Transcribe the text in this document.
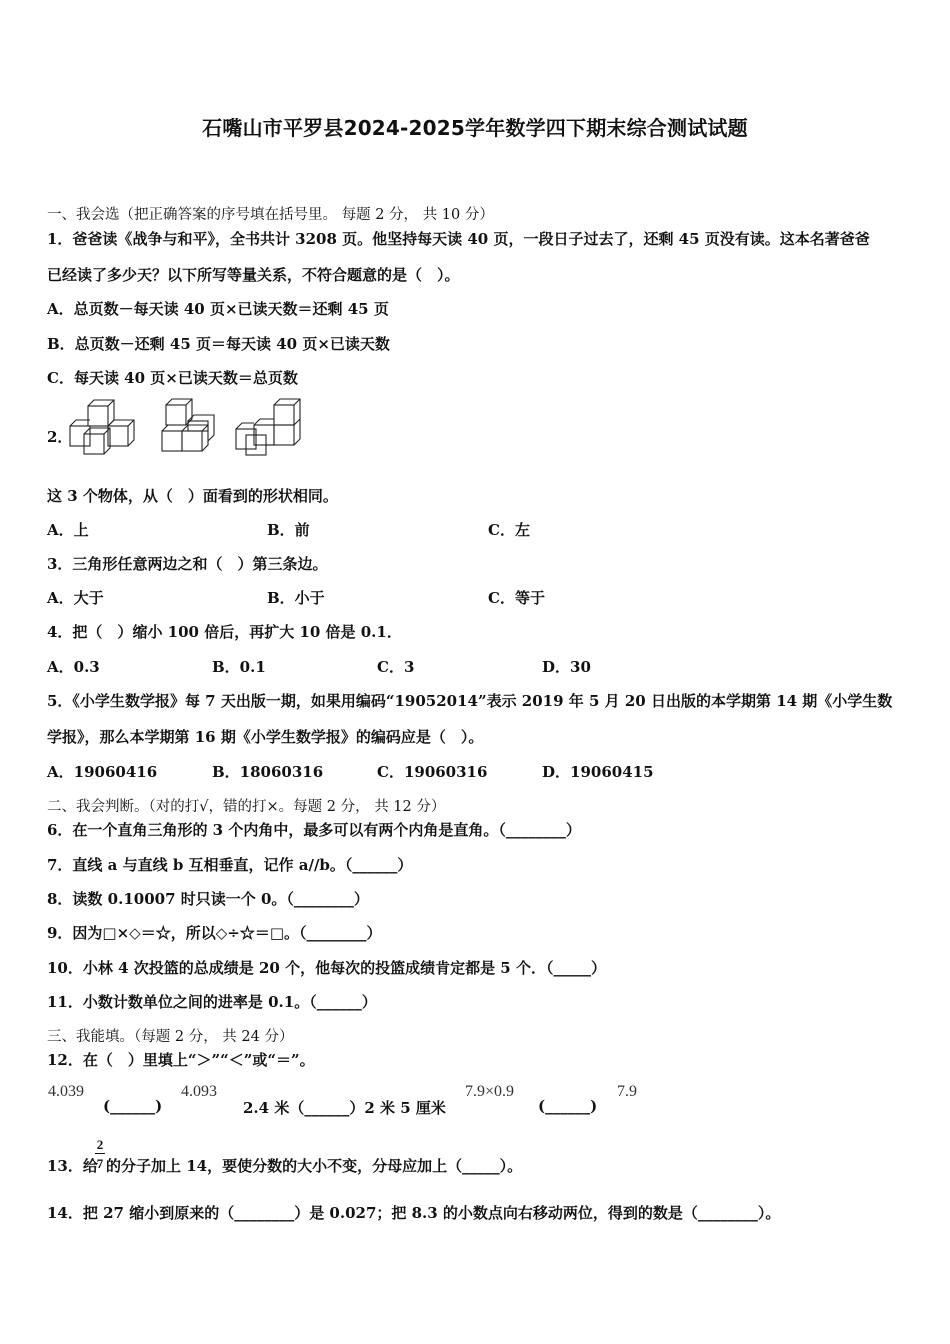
石嘴山市平罗县2024-2025学年数学四下期末综合测试试题
一、我会选（把正确答案的序号填在括号里。 每题 2 分， 共 10 分）
1．爸爸读《战争与和平》，全书共计 3208 页。他坚持每天读 40 页，一段日子过去了，还剩 45 页没有读。这本名著爸爸
已经读了多少天？以下所写等量关系，不符合题意的是（　）。
A．总页数－每天读 40 页×已读天数＝还剩 45 页
B．总页数－还剩 45 页＝每天读 40 页×已读天数
C．每天读 40 页×已读天数＝总页数
2．
这 3 个物体，从（　）面看到的形状相同。
A．上	B．前	C．左
3．三角形任意两边之和（　）第三条边。
A．大于	B．小于	C．等于
4．把（　）缩小 100 倍后，再扩大 10 倍是 0.1．
A．0.3	B．0.1	C．3	D．30
5．《小学生数学报》每 7 天出版一期，如果用编码“19052014”表示 2019 年 5 月 20 日出版的本学期第 14 期《小学生数
学报》，那么本学期第 16 期《小学生数学报》的编码应是（　）。
A．19060416	B．18060316	C．19060316	D．19060415
二、我会判断。（对的打√，错的打×。每题 2 分， 共 12 分）
6．在一个直角三角形的 3 个内角中，最多可以有两个内角是直角。（________）
7．直线 a 与直线 b 互相垂直，记作 a//b。（______）
8．读数 0.10007 时只读一个 0。（________）
9．因为□×◇＝☆，所以◇÷☆＝□。（________）
10．小林 4 次投篮的总成绩是 20 个，他每次的投篮成绩肯定都是 5 个．（_____）
11．小数计数单位之间的进率是 0.1。（______）
三、我能填。（每题 2 分， 共 24 分）
12．在（　）里填上“＞”“＜”或“＝”。
4.039
(______)
4.093
2.4 米（______）2 米 5 厘米
7.9×0.9
(______)
7.9
13．给
2
7 的分子加上 14，要使分数的大小不变，分母应加上（_____）。
14．把 27 缩小到原来的（________）是 0.027；把 8.3 的小数点向右移动两位，得到的数是（________）。
